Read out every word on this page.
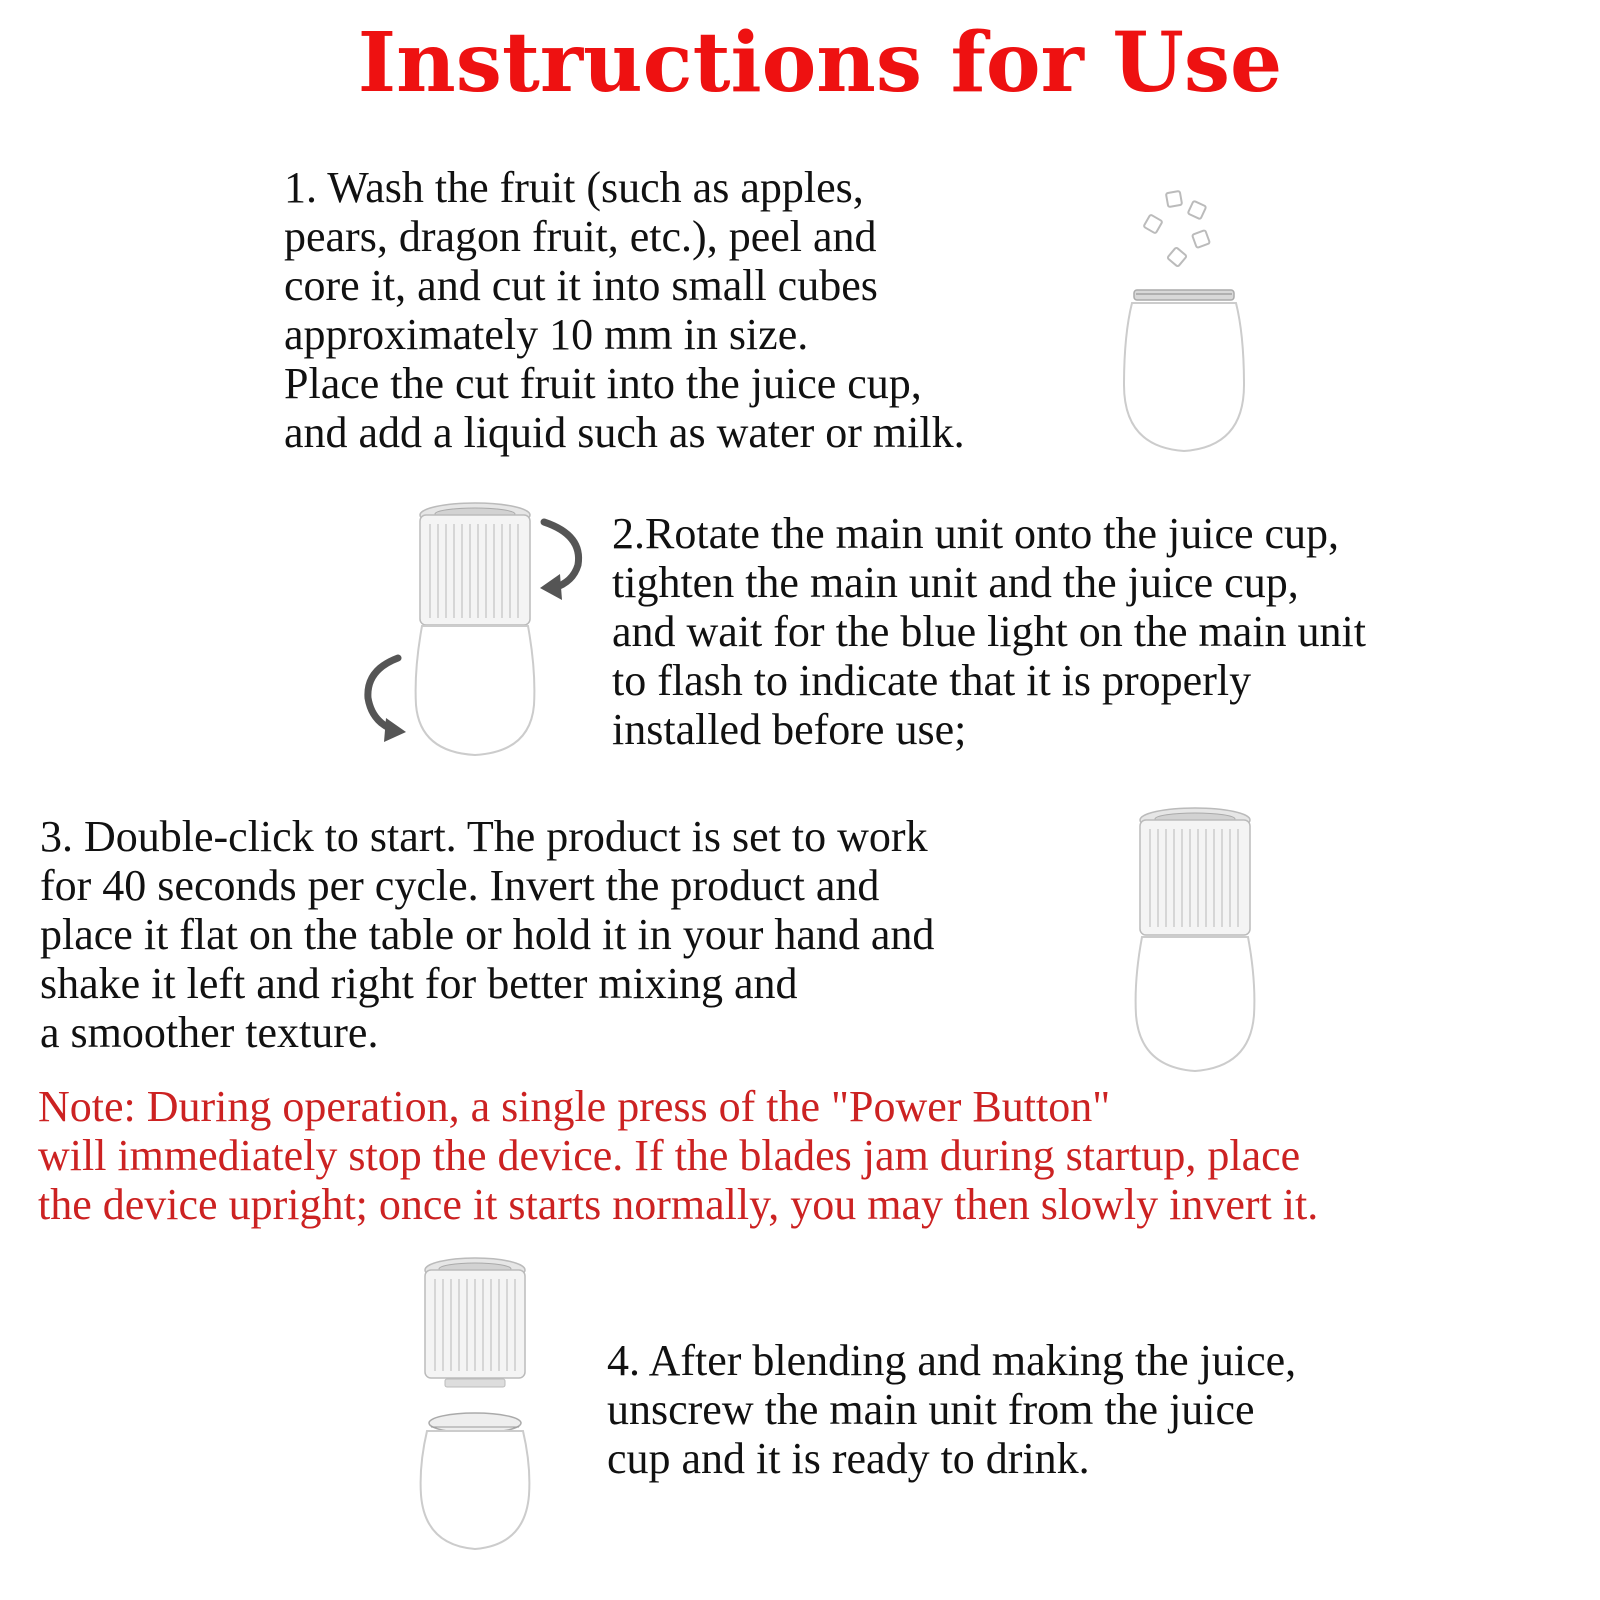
Instructions for Use
1. Wash the fruit (such as apples,
pears, dragon fruit, etc.), peel and
core it, and cut it into small cubes
approximately 10 mm in size.
Place the cut fruit into the juice cup,
and add a liquid such as water or milk.
2.Rotate the main unit onto the juice cup,
tighten the main unit and the juice cup,
and wait for the blue light on the main unit
to flash to indicate that it is properly
installed before use;
3. Double-click to start. The product is set to work
for 40 seconds per cycle. Invert the product and
place it flat on the table or hold it in your hand and
shake it left and right for better mixing and
a smoother texture.
Note: During operation, a single press of the "Power Button"
will immediately stop the device. If the blades jam during startup, place
the device upright; once it starts normally, you may then slowly invert it.
4. After blending and making the juice,
unscrew the main unit from the juice
cup and it is ready to drink.
